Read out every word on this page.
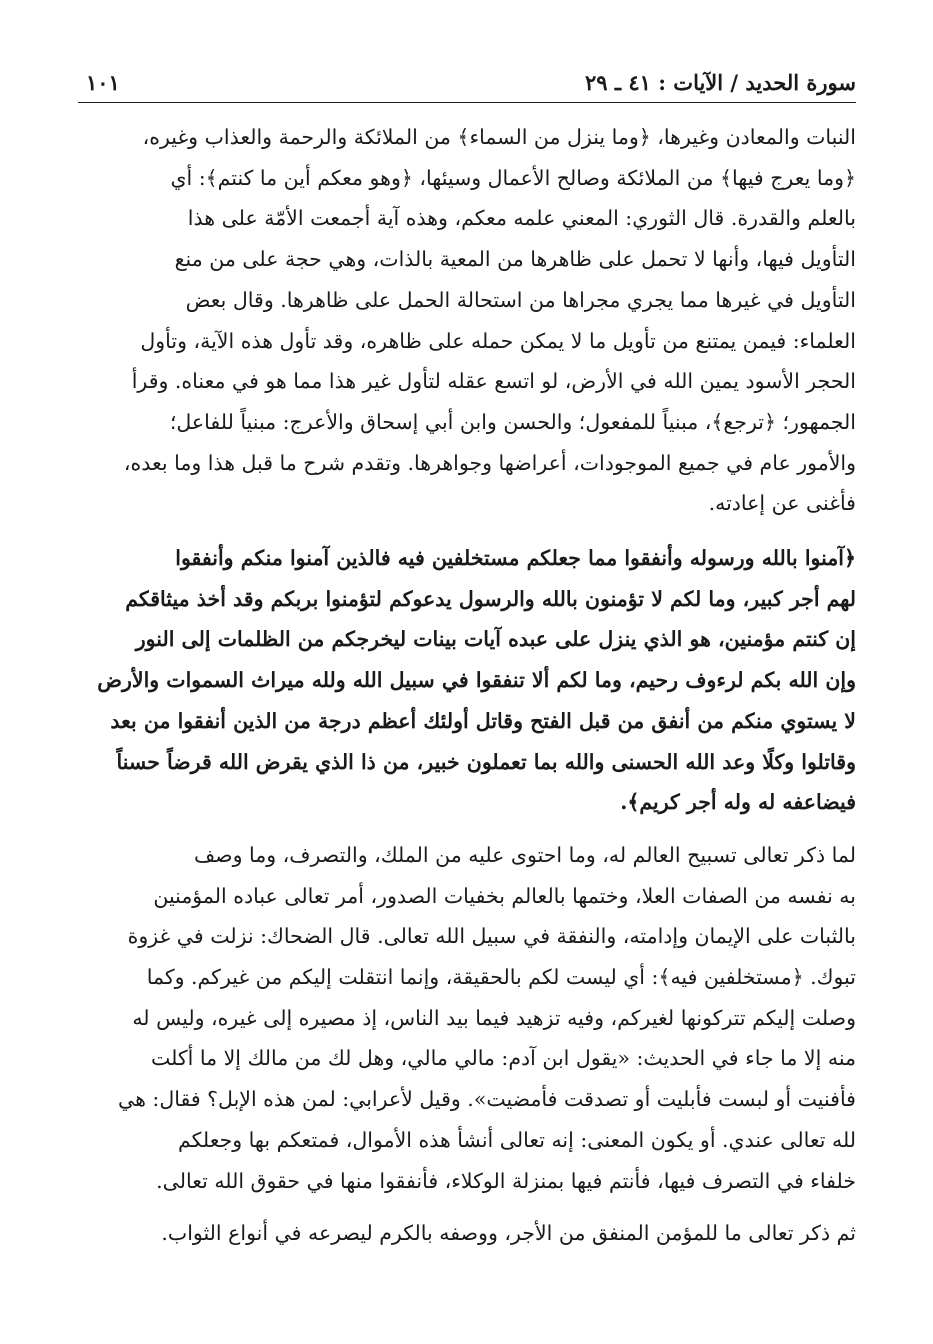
سورة الحديد / الآيات : ٤١ ـ ٢٩
١٠١

النبات والمعادن وغيرها، ﴿وما ينزل من السماء﴾ من الملائكة والرحمة والعذاب وغيره،
﴿وما يعرج فيها﴾ من الملائكة وصالح الأعمال وسيئها، ﴿وهو معكم أين ما كنتم﴾: أي
بالعلم والقدرة. قال الثوري: المعني علمه معكم، وهذه آية أجمعت الأمّة على هذا
التأويل فيها، وأنها لا تحمل على ظاهرها من المعية بالذات، وهي حجة على من منع
التأويل في غيرها مما يجري مجراها من استحالة الحمل على ظاهرها. وقال بعض
العلماء: فيمن يمتنع من تأويل ما لا يمكن حمله على ظاهره، وقد تأول هذه الآية، وتأول
الحجر الأسود يمين الله في الأرض، لو اتسع عقله لتأول غير هذا مما هو في معناه. وقرأ
الجمهور؛ ﴿ترجع﴾، مبنياً للمفعول؛ والحسن وابن أبي إسحاق والأعرج: مبنياً للفاعل؛
والأمور عام في جميع الموجودات، أعراضها وجواهرها. وتقدم شرح ما قبل هذا وما بعده،
فأغنى عن إعادته.

﴿آمنوا بالله ورسوله وأنفقوا مما جعلكم مستخلفين فيه فالذين آمنوا منكم وأنفقوا
لهم أجر كبير، وما لكم لا تؤمنون بالله والرسول يدعوكم لتؤمنوا بربكم وقد أخذ ميثاقكم
إن كنتم مؤمنين، هو الذي ينزل على عبده آيات بينات ليخرجكم من الظلمات إلى النور
وإن الله بكم لرءوف رحيم، وما لكم ألا تنفقوا في سبيل الله ولله ميراث السموات والأرض
لا يستوي منكم من أنفق من قبل الفتح وقاتل أولئك أعظم درجة من الذين أنفقوا من بعد
وقاتلوا وكلًا وعد الله الحسنى والله بما تعملون خبير، من ذا الذي يقرض الله قرضاً حسناً
فيضاعفه له وله أجر كريم﴾.

لما ذكر تعالى تسبيح العالم له، وما احتوى عليه من الملك، والتصرف، وما وصف
به نفسه من الصفات العلا، وختمها بالعالم بخفيات الصدور، أمر تعالى عباده المؤمنين
بالثبات على الإيمان وإدامته، والنفقة في سبيل الله تعالى. قال الضحاك: نزلت في غزوة
تبوك. ﴿مستخلفين فيه﴾: أي ليست لكم بالحقيقة، وإنما انتقلت إليكم من غيركم. وكما
وصلت إليكم تتركونها لغيركم، وفيه تزهيد فيما بيد الناس، إذ مصيره إلى غيره، وليس له
منه إلا ما جاء في الحديث: «يقول ابن آدم: مالي مالي، وهل لك من مالك إلا ما أكلت
فأفنيت أو لبست فأبليت أو تصدقت فأمضيت». وقيل لأعرابي: لمن هذه الإبل؟ فقال: هي
لله تعالى عندي. أو يكون المعنى: إنه تعالى أنشأ هذه الأموال، فمتعكم بها وجعلكم
خلفاء في التصرف فيها، فأنتم فيها بمنزلة الوكلاء، فأنفقوا منها في حقوق الله تعالى.

ثم ذكر تعالى ما للمؤمن المنفق من الأجر، ووصفه بالكرم ليصرعه في أنواع الثواب.
